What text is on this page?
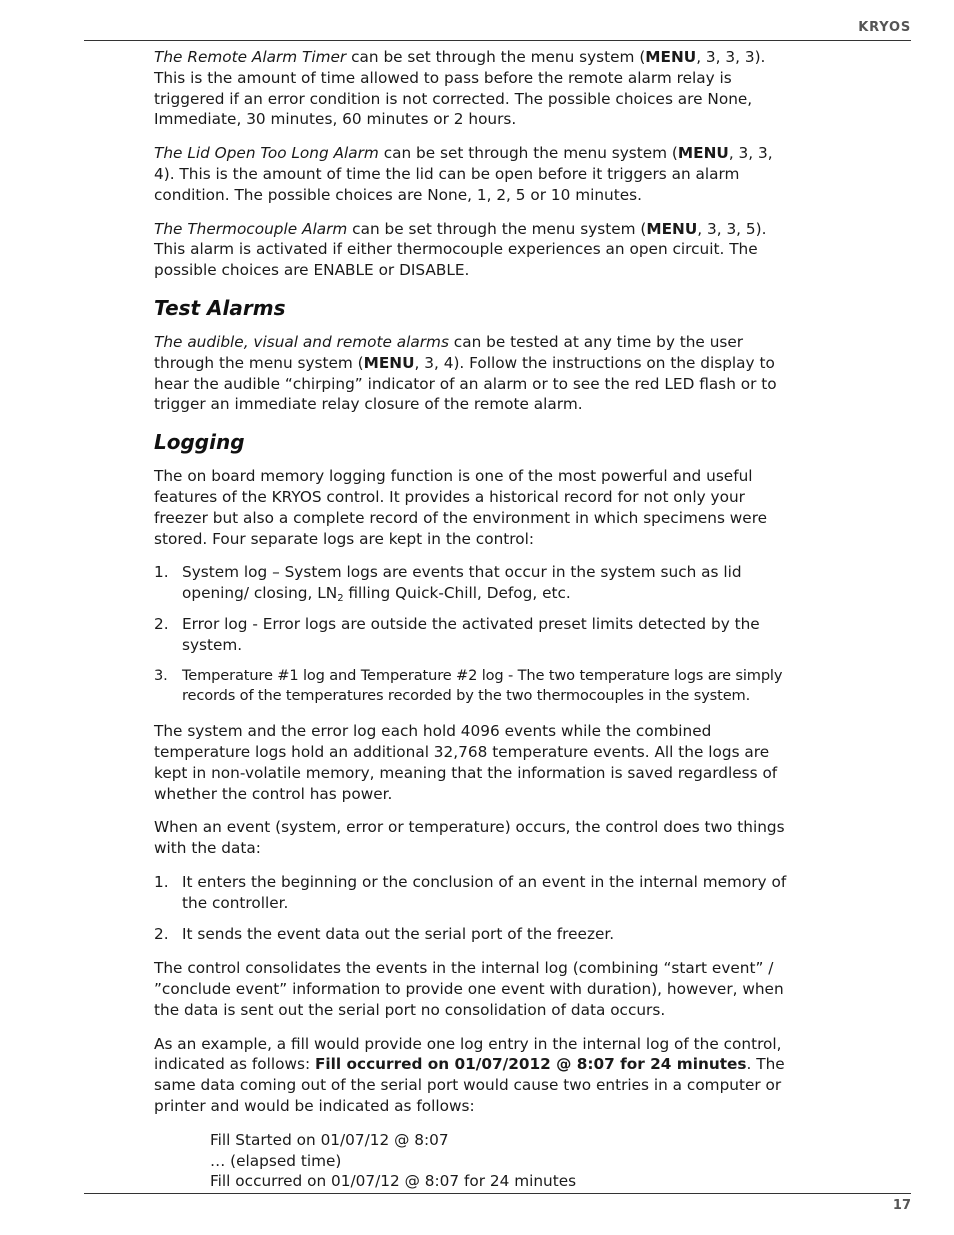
KRYOS

The Remote Alarm Timer can be set through the menu system (MENU, 3, 3, 3). This is the amount of time allowed to pass before the remote alarm relay is triggered if an error condition is not corrected. The possible choices are None, Immediate, 30 minutes, 60 minutes or 2 hours.

The Lid Open Too Long Alarm can be set through the menu system (MENU, 3, 3, 4). This is the amount of time the lid can be open before it triggers an alarm condition. The possible choices are None, 1, 2, 5 or 10 minutes.

The Thermocouple Alarm can be set through the menu system (MENU, 3, 3, 5). This alarm is activated if either thermocouple experiences an open circuit. The possible choices are ENABLE or DISABLE.

Test Alarms

The audible, visual and remote alarms can be tested at any time by the user through the menu system (MENU, 3, 4). Follow the instructions on the display to hear the audible “chirping” indicator of an alarm or to see the red LED flash or to trigger an immediate relay closure of the remote alarm.

Logging

The on board memory logging function is one of the most powerful and useful features of the KRYOS control. It provides a historical record for not only your freezer but also a complete record of the environment in which specimens were stored. Four separate logs are kept in the control:

1. System log – System logs are events that occur in the system such as lid opening/ closing, $LN_2$ filling Quick-Chill, Defog, etc.
2. Error log - Error logs are outside the activated preset limits detected by the system.
3. Temperature #1 log and Temperature #2 log - The two temperature logs are simply records of the temperatures recorded by the two thermocouples in the system.

The system and the error log each hold 4096 events while the combined temperature logs hold an additional 32,768 temperature events. All the logs are kept in non-volatile memory, meaning that the information is saved regardless of whether the control has power.

When an event (system, error or temperature) occurs, the control does two things with the data:

1. It enters the beginning or the conclusion of an event in the internal memory of the controller.
2. It sends the event data out the serial port of the freezer.

The control consolidates the events in the internal log (combining “start event” / ”conclude event” information to provide one event with duration), however, when the data is sent out the serial port no consolidation of data occurs.

As an example, a fill would provide one log entry in the internal log of the control, indicated as follows: Fill occurred on 01/07/2012 @ 8:07 for 24 minutes. The same data coming out of the serial port would cause two entries in a computer or printer and would be indicated as follows:

Fill Started on 01/07/12 @ 8:07
… (elapsed time)
Fill occurred on 01/07/12 @ 8:07 for 24 minutes
17
